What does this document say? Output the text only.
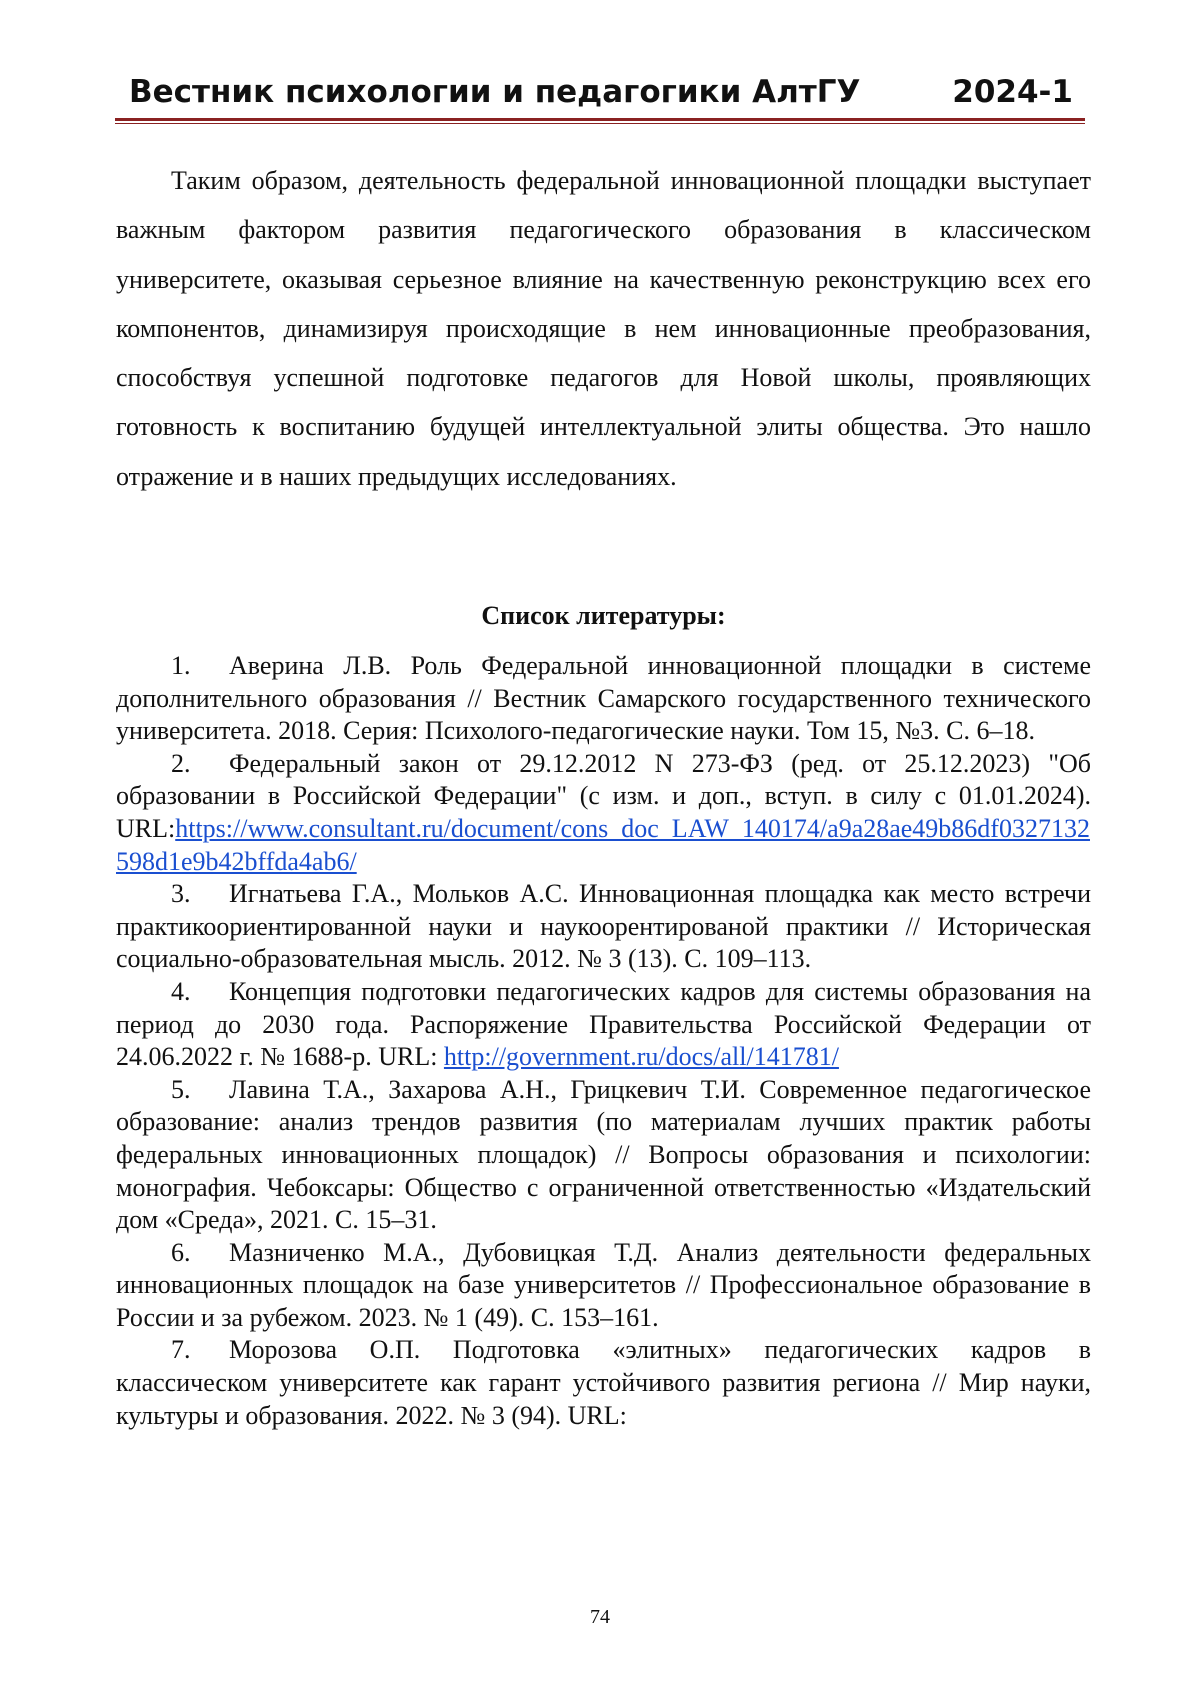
Вестник психологии и педагогики АлтГУ	2024-1

Таким образом, деятельность федеральной инновационной площадки выступает важным фактором развития педагогического образования в классическом университете, оказывая серьезное влияние на качественную реконструкцию всех его компонентов, динамизируя происходящие в нем инновационные преобразования, способствуя успешной подготовке педагогов для Новой школы, проявляющих готовность к воспитанию будущей интеллектуальной элиты общества. Это нашло отражение и в наших предыдущих исследованиях.

Список литературы:

1. Аверина Л.В. Роль Федеральной инновационной площадки в системе дополнительного образования // Вестник Самарского государственного технического университета. 2018. Серия: Психолого-педагогические науки. Том 15, №3. С. 6–18.
2. Федеральный закон от 29.12.2012 N 273-ФЗ (ред. от 25.12.2023) "Об образовании в Российской Федерации" (с изм. и доп., вступ. в силу с 01.01.2024). URL:https://www.consultant.ru/document/cons_doc_LAW_140174/a9a28ae49b86df0327132598d1e9b42bffda4ab6/
3. Игнатьева Г.А., Мольков А.С. Инновационная площадка как место встречи практикоориентированной науки и наукоорентированой практики // Историческая социально-образовательная мысль. 2012. № 3 (13). С. 109–113.
4. Концепция подготовки педагогических кадров для системы образования на период до 2030 года. Распоряжение Правительства Российской Федерации от 24.06.2022 г. № 1688-р. URL: http://government.ru/docs/all/141781/
5. Лавина Т.А., Захарова А.Н., Грицкевич Т.И. Современное педагогическое образование: анализ трендов развития (по материалам лучших практик работы федеральных инновационных площадок) // Вопросы образования и психологии: монография. Чебоксары: Общество с ограниченной ответственностью «Издательский дом «Среда», 2021. С. 15–31.
6. Мазниченко М.А., Дубовицкая Т.Д. Анализ деятельности федеральных инновационных площадок на базе университетов // Профессиональное образование в России и за рубежом. 2023. № 1 (49). С. 153–161.
7. Морозова О.П. Подготовка «элитных» педагогических кадров в классическом университете как гарант устойчивого развития региона // Мир науки, культуры и образования. 2022. № 3 (94). URL:
74
